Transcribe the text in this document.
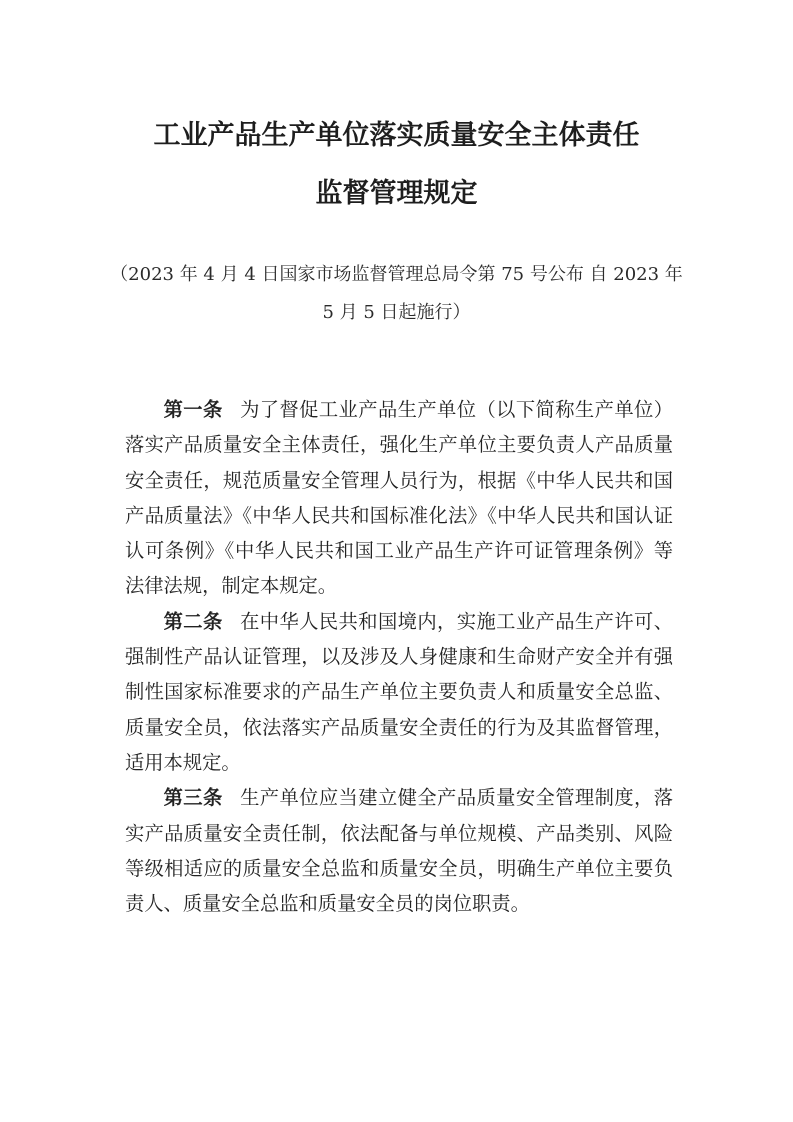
工业产品生产单位落实质量安全主体责任
监督管理规定

（2023 年 4 月 4 日国家市场监督管理总局令第 75 号公布 自 2023 年

5 月 5 日起施行）

第一条 为了督促工业产品生产单位（以下简称生产单位）落实产品质量安全主体责任，强化生产单位主要负责人产品质量安全责任，规范质量安全管理人员行为，根据《中华人民共和国产品质量法》《中华人民共和国标准化法》《中华人民共和国认证认可条例》《中华人民共和国工业产品生产许可证管理条例》等法律法规，制定本规定。

第二条 在中华人民共和国境内，实施工业产品生产许可、强制性产品认证管理，以及涉及人身健康和生命财产安全并有强制性国家标准要求的产品生产单位主要负责人和质量安全总监、质量安全员，依法落实产品质量安全责任的行为及其监督管理，适用本规定。

第三条 生产单位应当建立健全产品质量安全管理制度，落实产品质量安全责任制，依法配备与单位规模、产品类别、风险等级相适应的质量安全总监和质量安全员，明确生产单位主要负责人、质量安全总监和质量安全员的岗位职责。
